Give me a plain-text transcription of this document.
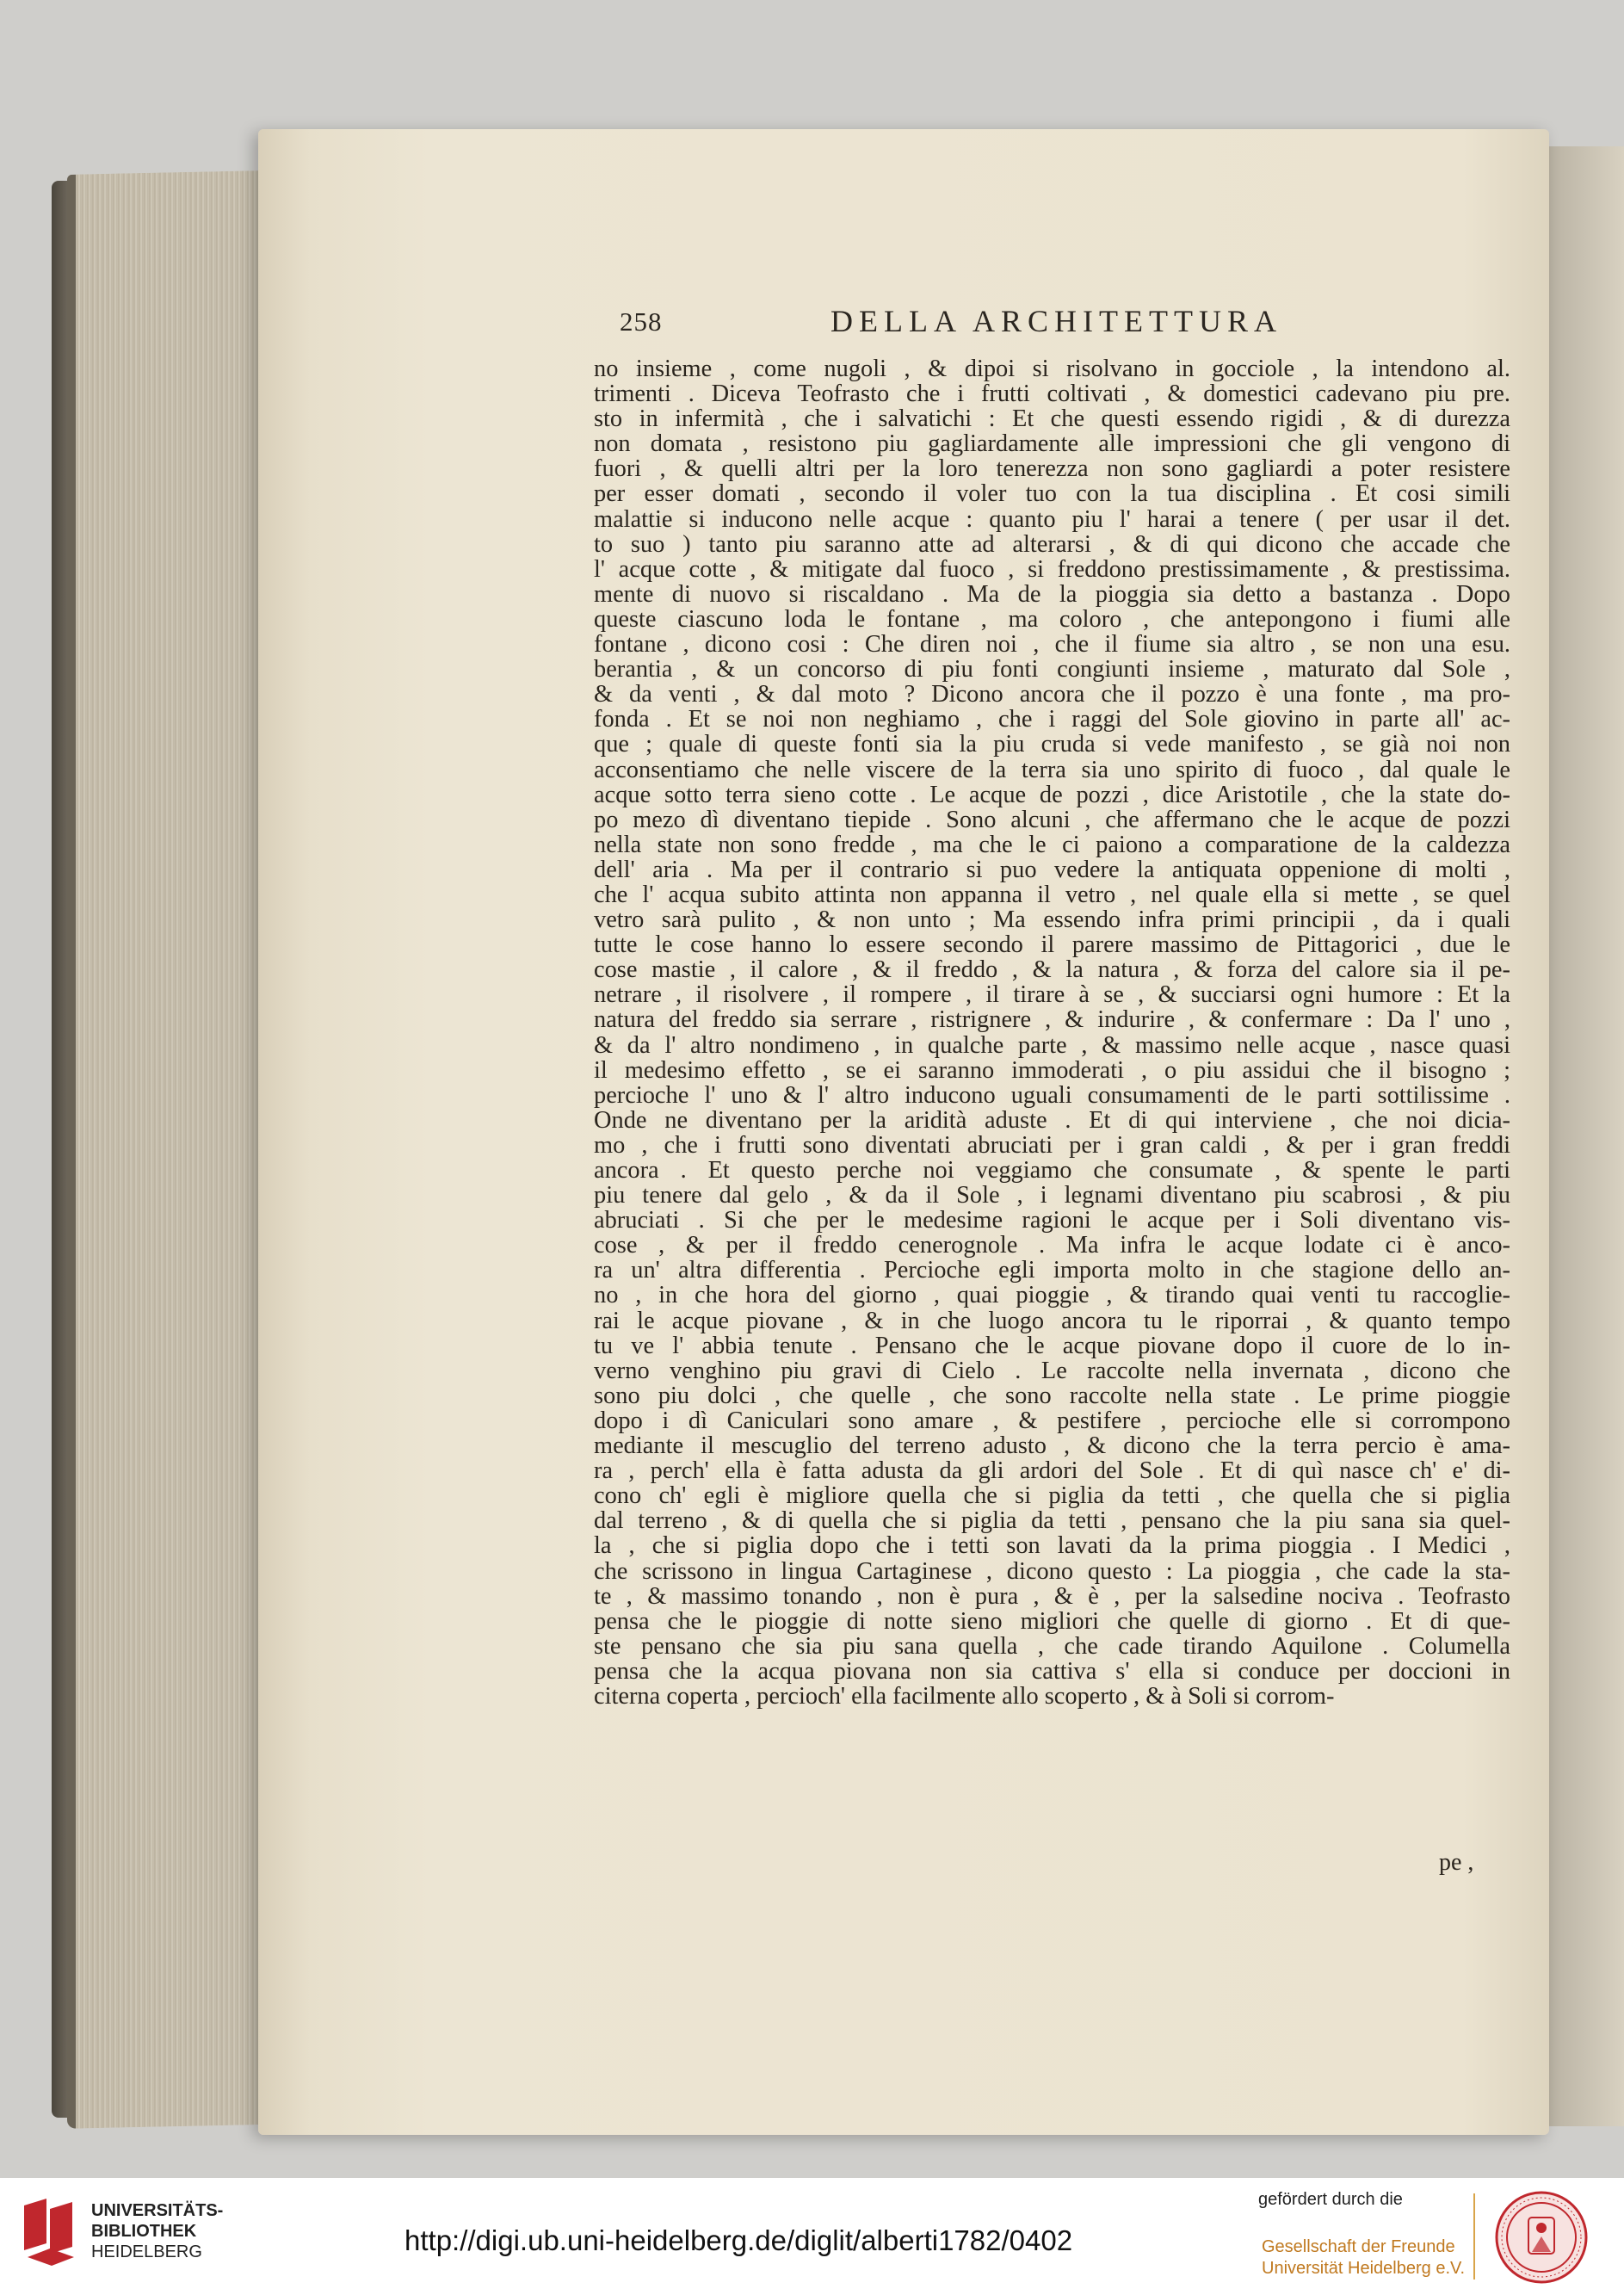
258	DELLA ARCHITETTURA
no insieme , come nugoli , & dipoi si risolvano in gocciole , la intendono al.
trimenti . Diceva Teofrasto che i frutti coltivati , & domestici cadevano piu pre.
sto in infermità , che i salvatichi : Et che questi essendo rigidi , & di durezza
non domata , resistono piu gagliardamente alle impressioni che gli vengono di
fuori , & quelli altri per la loro tenerezza non sono gagliardi a poter resistere
per esser domati , secondo il voler tuo con la tua disciplina . Et cosi simili
malattie si inducono nelle acque : quanto piu l' harai a tenere ( per usar il det.
to suo ) tanto piu saranno atte ad alterarsi , & di qui dicono che accade che
l' acque cotte , & mitigate dal fuoco , si freddono prestissimamente , & prestissima.
mente di nuovo si riscaldano . Ma de la pioggia sia detto a bastanza . Dopo
queste ciascuno loda le fontane , ma coloro , che antepongono i fiumi alle
fontane , dicono cosi : Che diren noi , che il fiume sia altro , se non una esu.
berantia , & un concorso di piu fonti congiunti insieme , maturato dal Sole ,
& da venti , & dal moto ? Dicono ancora che il pozzo è una fonte , ma pro-
fonda . Et se noi non neghiamo , che i raggi del Sole giovino in parte all' ac-
que ; quale di queste fonti sia la piu cruda si vede manifesto , se già noi non
acconsentiamo che nelle viscere de la terra sia uno spirito di fuoco , dal quale le
acque sotto terra sieno cotte . Le acque de pozzi , dice Aristotile , che la state do-
po mezo dì diventano tiepide . Sono alcuni , che affermano che le acque de pozzi
nella state non sono fredde , ma che le ci paiono a comparatione de la caldezza
dell' aria . Ma per il contrario si puo vedere la antiquata oppenione di molti ,
che l' acqua subito attinta non appanna il vetro , nel quale ella si mette , se quel
vetro sarà pulito , & non unto ; Ma essendo infra primi principii , da i quali
tutte le cose hanno lo essere secondo il parere massimo de Pittagorici , due le
cose mastie , il calore , & il freddo , & la natura , & forza del calore sia il pe-
netrare , il risolvere , il rompere , il tirare à se , & succiarsi ogni humore : Et la
natura del freddo sia serrare , ristrignere , & indurire , & confermare : Da l' uno ,
& da l' altro nondimeno , in qualche parte , & massimo nelle acque , nasce quasi
il medesimo effetto , se ei saranno immoderati , o piu assidui che il bisogno ;
percioche l' uno & l' altro inducono uguali consumamenti de le parti sottilissime .
Onde ne diventano per la aridità aduste . Et di qui interviene , che noi dicia-
mo , che i frutti sono diventati abruciati per i gran caldi , & per i gran freddi
ancora . Et questo perche noi veggiamo che consumate , & spente le parti
piu tenere dal gelo , & da il Sole , i legnami diventano piu scabrosi , & piu
abruciati . Si che per le medesime ragioni le acque per i Soli diventano vis-
cose , & per il freddo cenerognole . Ma infra le acque lodate ci è anco-
ra un' altra differentia . Percioche egli importa molto in che stagione dello an-
no , in che hora del giorno , quai pioggie , & tirando quai venti tu raccoglie-
rai le acque piovane , & in che luogo ancora tu le riporrai , & quanto tempo
tu ve l' abbia tenute . Pensano che le acque piovane dopo il cuore de lo in-
verno venghino piu gravi di Cielo . Le raccolte nella invernata , dicono che
sono piu dolci , che quelle , che sono raccolte nella state . Le prime pioggie
dopo i dì Caniculari sono amare , & pestifere , percioche elle si corrompono
mediante il mescuglio del terreno adusto , & dicono che la terra percio è ama-
ra , perch' ella è fatta adusta da gli ardori del Sole . Et di quì nasce ch' e' di-
cono ch' egli è migliore quella che si piglia da tetti , che quella che si piglia
dal terreno , & di quella che si piglia da tetti , pensano che la piu sana sia quel-
la , che si piglia dopo che i tetti son lavati da la prima pioggia . I Medici ,
che scrissono in lingua Cartaginese , dicono questo : La pioggia , che cade la sta-
te , & massimo tonando , non è pura , & è , per la salsedine nociva . Teofrasto
pensa che le pioggie di notte sieno migliori che quelle di giorno . Et di que-
ste pensano che sia piu sana quella , che cade tirando Aquilone . Columella
pensa che la acqua piovana non sia cattiva s' ella si conduce per doccioni in
citerna coperta , percioch' ella facilmente allo scoperto , & à Soli si corrom-
pe ,
UNIVERSITÄTS-
BIBLIOTHEK
HEIDELBERG	http://digi.ub.uni-heidelberg.de/diglit/alberti1782/0402
gefördert durch die
Gesellschaft der Freunde
Universität Heidelberg e.V.
